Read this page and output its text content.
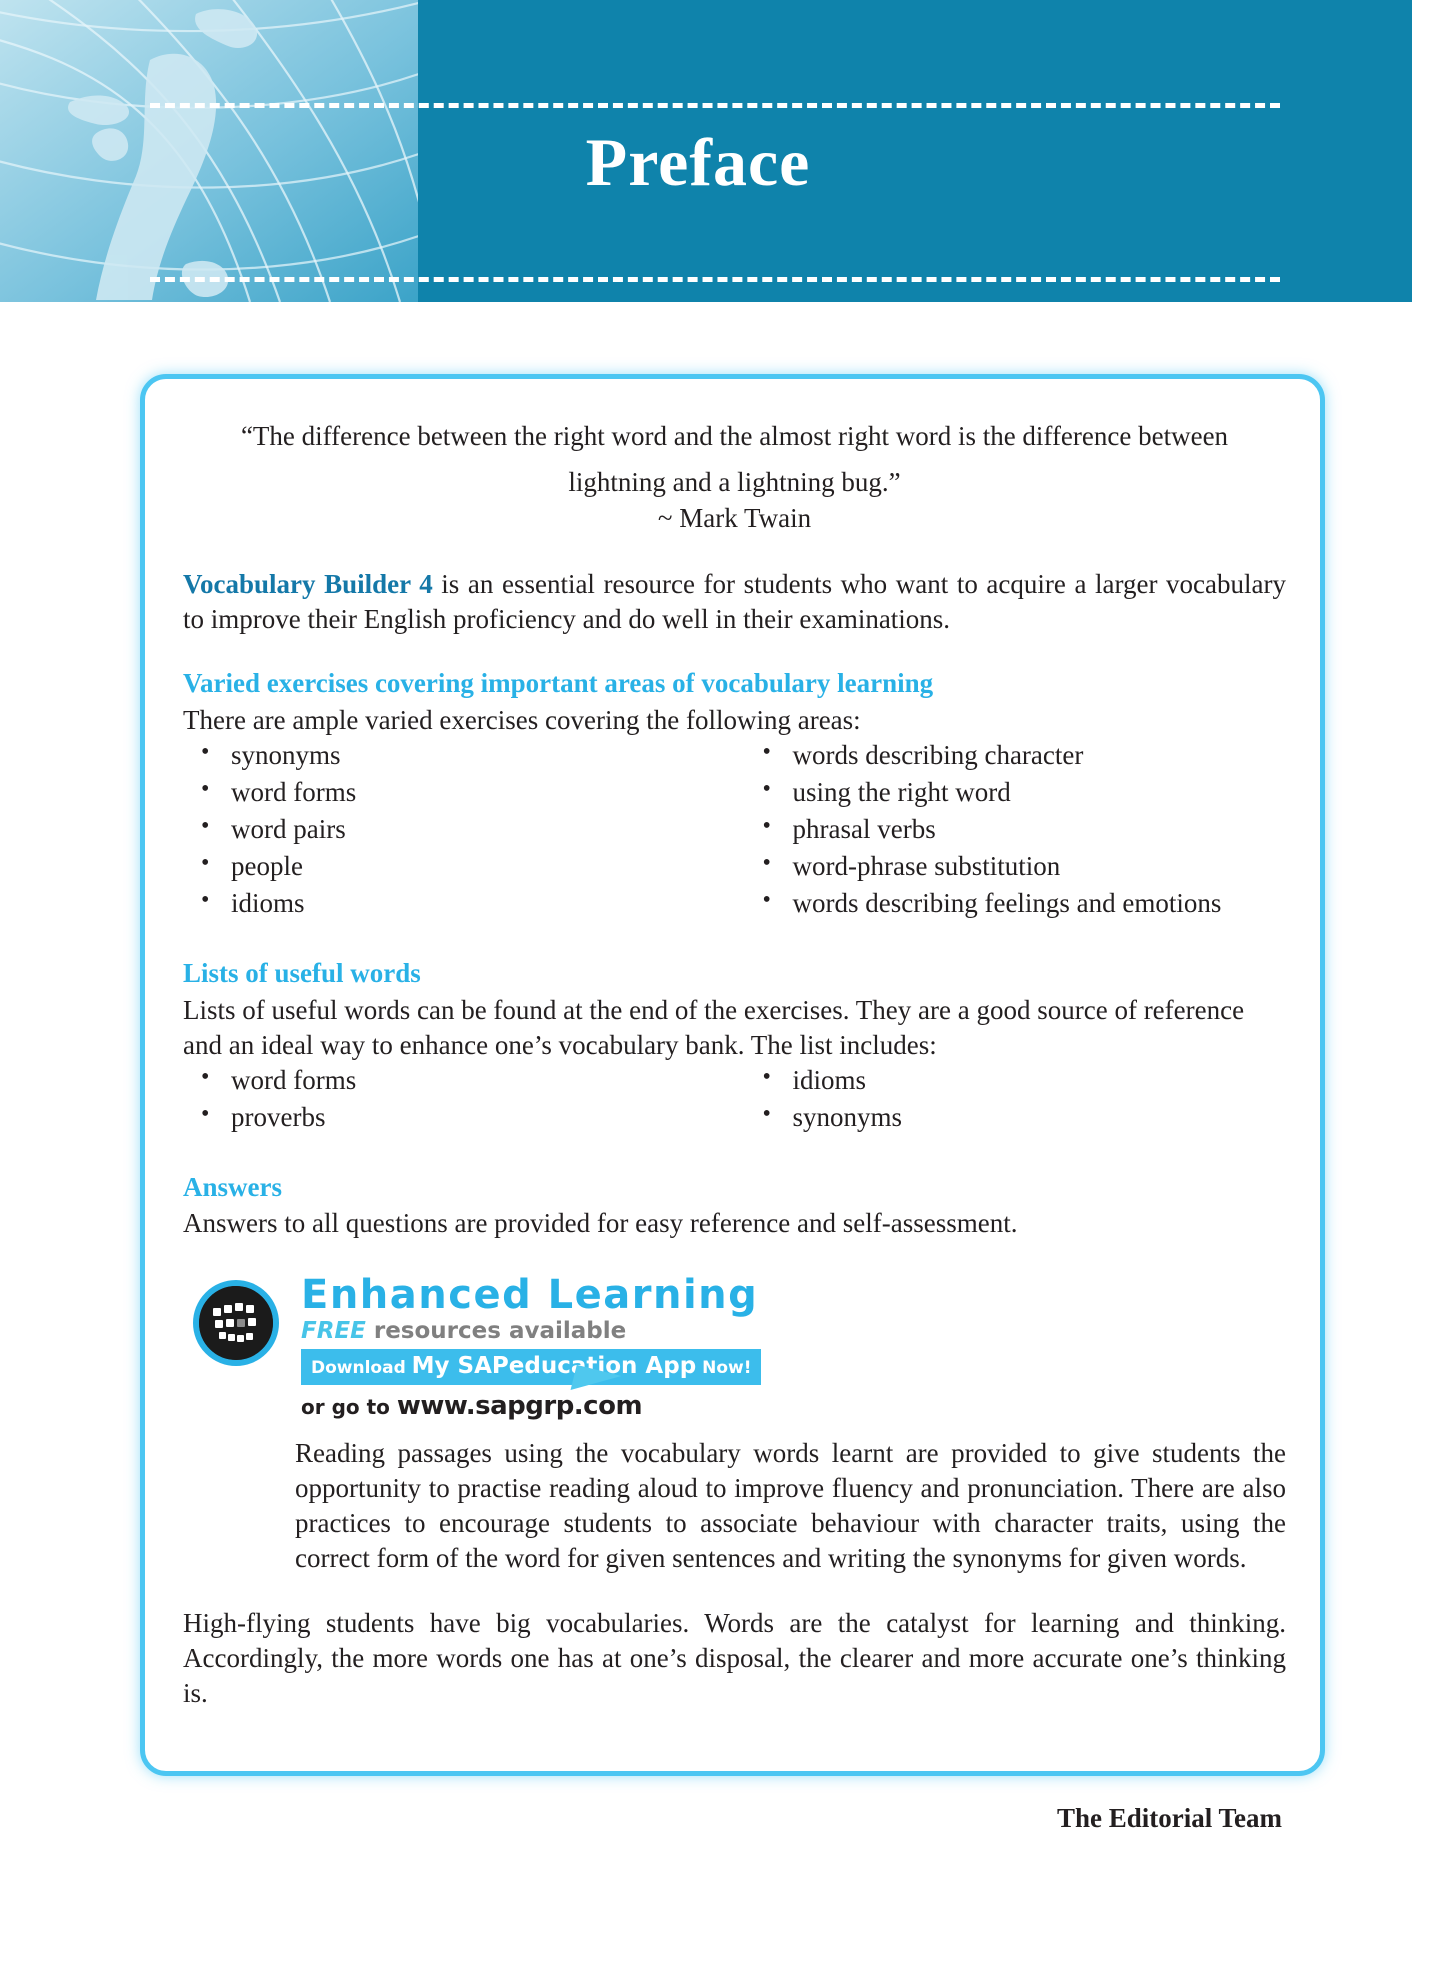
Preface
“The difference between the right word and the almost right word is the difference between
lightning and a lightning bug.”
~ Mark Twain
Vocabulary Builder 4 is an essential resource for students who want to acquire a larger vocabulary to improve their English proficiency and do well in their examinations.
Varied exercises covering important areas of vocabulary learning
There are ample varied exercises covering the following areas:
• synonyms
• word forms
• word pairs
• people
• idioms
• words describing character
• using the right word
• phrasal verbs
• word-phrase substitution
• words describing feelings and emotions
Lists of useful words
Lists of useful words can be found at the end of the exercises. They are a good source of reference and an ideal way to enhance one’s vocabulary bank. The list includes:
• word forms
• proverbs
• idioms
• synonyms
Answers
Answers to all questions are provided for easy reference and self-assessment.
Enhanced Learning
FREE resources available
Download My SAPeducation App Now!
or go to www.sapgrp.com
Reading passages using the vocabulary words learnt are provided to give students the opportunity to practise reading aloud to improve fluency and pronunciation. There are also practices to encourage students to associate behaviour with character traits, using the correct form of the word for given sentences and writing the synonyms for given words.
High-flying students have big vocabularies. Words are the catalyst for learning and thinking. Accordingly, the more words one has at one’s disposal, the clearer and more accurate one’s thinking is.
The Editorial Team
